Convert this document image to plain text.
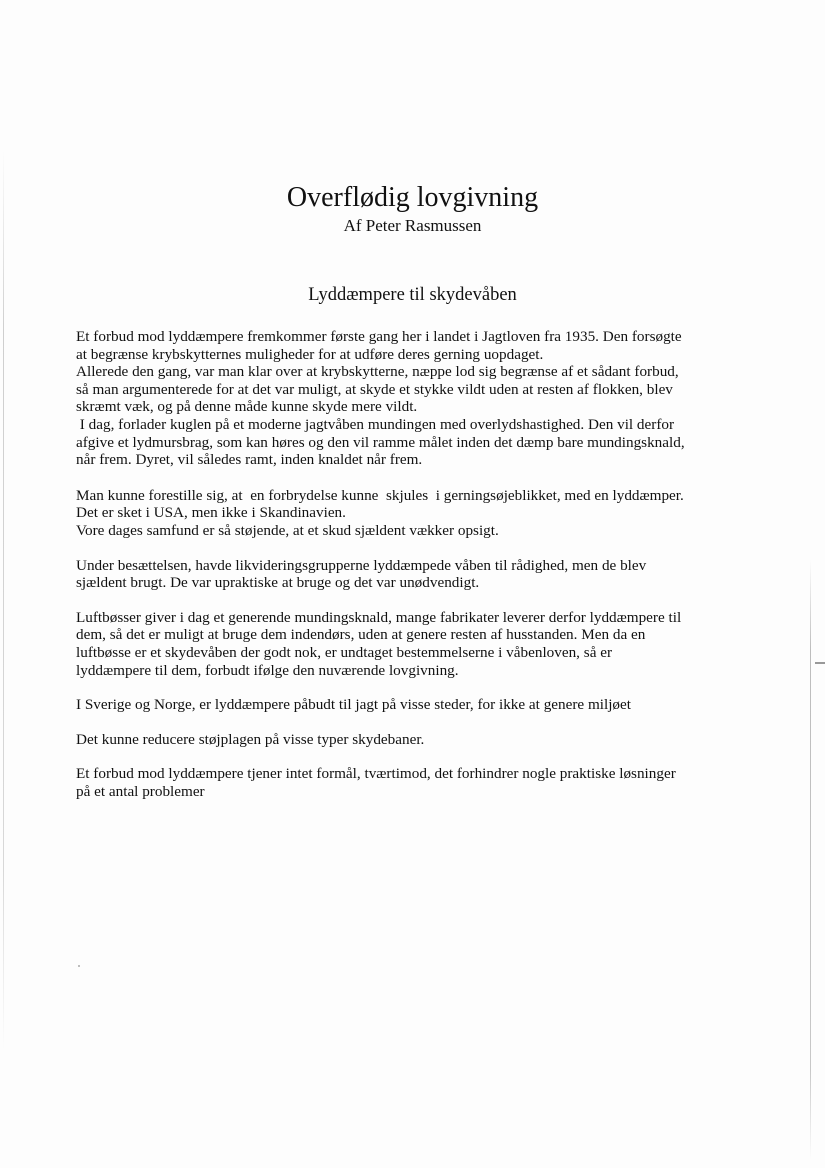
Overflødig lovgivning
Af Peter Rasmussen
Lyddæmpere til skydevåben

Et forbud mod lyddæmpere fremkommer første gang her i landet i Jagtloven fra 1935. Den forsøgte
at begrænse krybskytternes muligheder for at udføre deres gerning uopdaget.
Allerede den gang, var man klar over at krybskytterne, næppe lod sig begrænse af et sådant forbud,
så man argumenterede for at det var muligt, at skyde et stykke vildt uden at resten af flokken, blev
skræmt væk, og på denne måde kunne skyde mere vildt.
I dag, forlader kuglen på et moderne jagtvåben mundingen med overlydshastighed. Den vil derfor
afgive et lydmursbrag, som kan høres og den vil ramme målet inden det dæmp bare mundingsknald,
når frem. Dyret, vil således ramt, inden knaldet når frem.

Man kunne forestille sig, at  en forbrydelse kunne  skjules  i gerningsøjeblikket, med en lyddæmper.
Det er sket i USA, men ikke i Skandinavien.
Vore dages samfund er så støjende, at et skud sjældent vækker opsigt.

Under besættelsen, havde likvideringsgrupperne lyddæmpede våben til rådighed, men de blev
sjældent brugt. De var upraktiske at bruge og det var unødvendigt.

Luftbøsser giver i dag et generende mundingsknald, mange fabrikater leverer derfor lyddæmpere til
dem, så det er muligt at bruge dem indendørs, uden at genere resten af husstanden. Men da en
luftbøsse er et skydevåben der godt nok, er undtaget bestemmelserne i våbenloven, så er
lyddæmpere til dem, forbudt ifølge den nuværende lovgivning.

I Sverige og Norge, er lyddæmpere påbudt til jagt på visse steder, for ikke at genere miljøet

Det kunne reducere støjplagen på visse typer skydebaner.

Et forbud mod lyddæmpere tjener intet formål, tværtimod, det forhindrer nogle praktiske løsninger
på et antal problemer
